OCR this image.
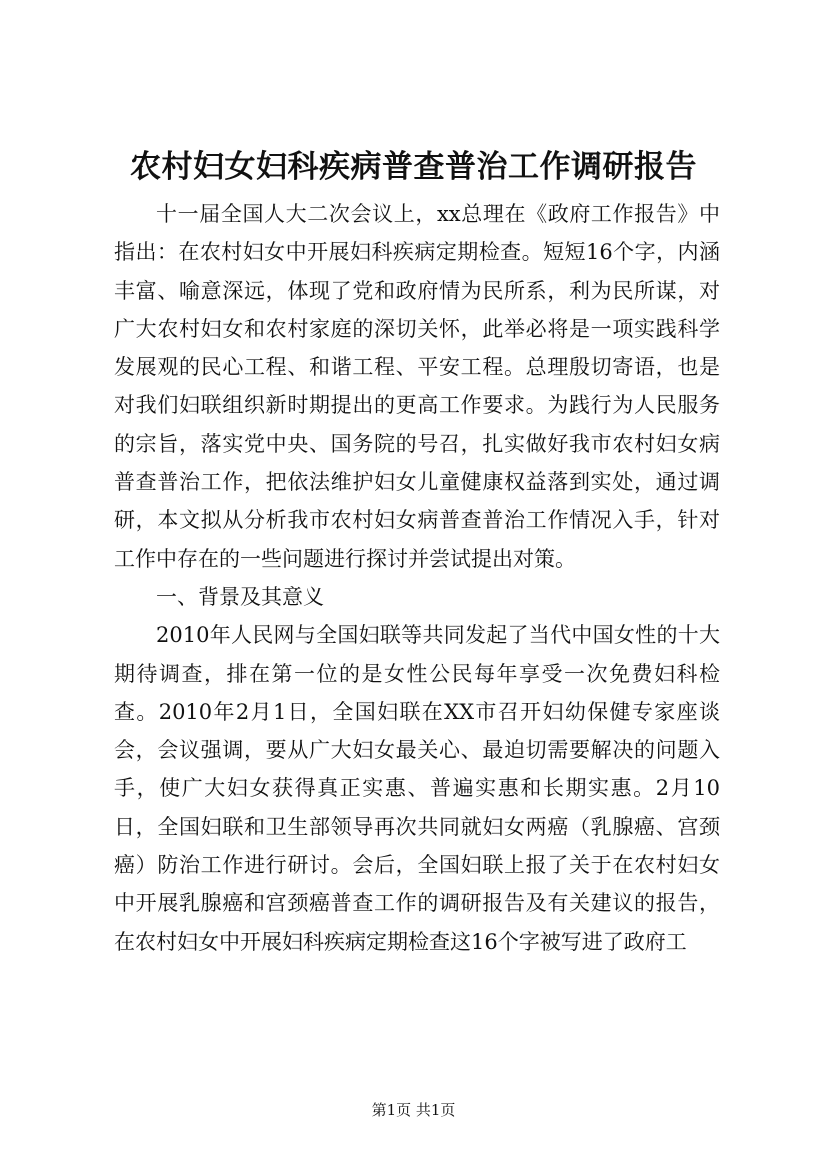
农村妇女妇科疾病普查普治工作调研报告

十一届全国人大二次会议上，xx总理在《政府工作报告》中指出：在农村妇女中开展妇科疾病定期检查。短短16个字，内涵丰富、喻意深远，体现了党和政府情为民所系，利为民所谋，对广大农村妇女和农村家庭的深切关怀，此举必将是一项实践科学发展观的民心工程、和谐工程、平安工程。总理殷切寄语，也是对我们妇联组织新时期提出的更高工作要求。为践行为人民服务的宗旨，落实党中央、国务院的号召，扎实做好我市农村妇女病普查普治工作，把依法维护妇女儿童健康权益落到实处，通过调研，本文拟从分析我市农村妇女病普查普治工作情况入手，针对工作中存在的一些问题进行探讨并尝试提出对策。

一、背景及其意义

2010年人民网与全国妇联等共同发起了当代中国女性的十大期待调查，排在第一位的是女性公民每年享受一次免费妇科检查。2010年2月1日，全国妇联在XX市召开妇幼保健专家座谈会，会议强调，要从广大妇女最关心、最迫切需要解决的问题入手，使广大妇女获得真正实惠、普遍实惠和长期实惠。2月10日，全国妇联和卫生部领导再次共同就妇女两癌（乳腺癌、宫颈癌）防治工作进行研讨。会后，全国妇联上报了关于在农村妇女中开展乳腺癌和宫颈癌普查工作的调研报告及有关建议的报告，在农村妇女中开展妇科疾病定期检查这16个字被写进了政府工

第1页 共1页
